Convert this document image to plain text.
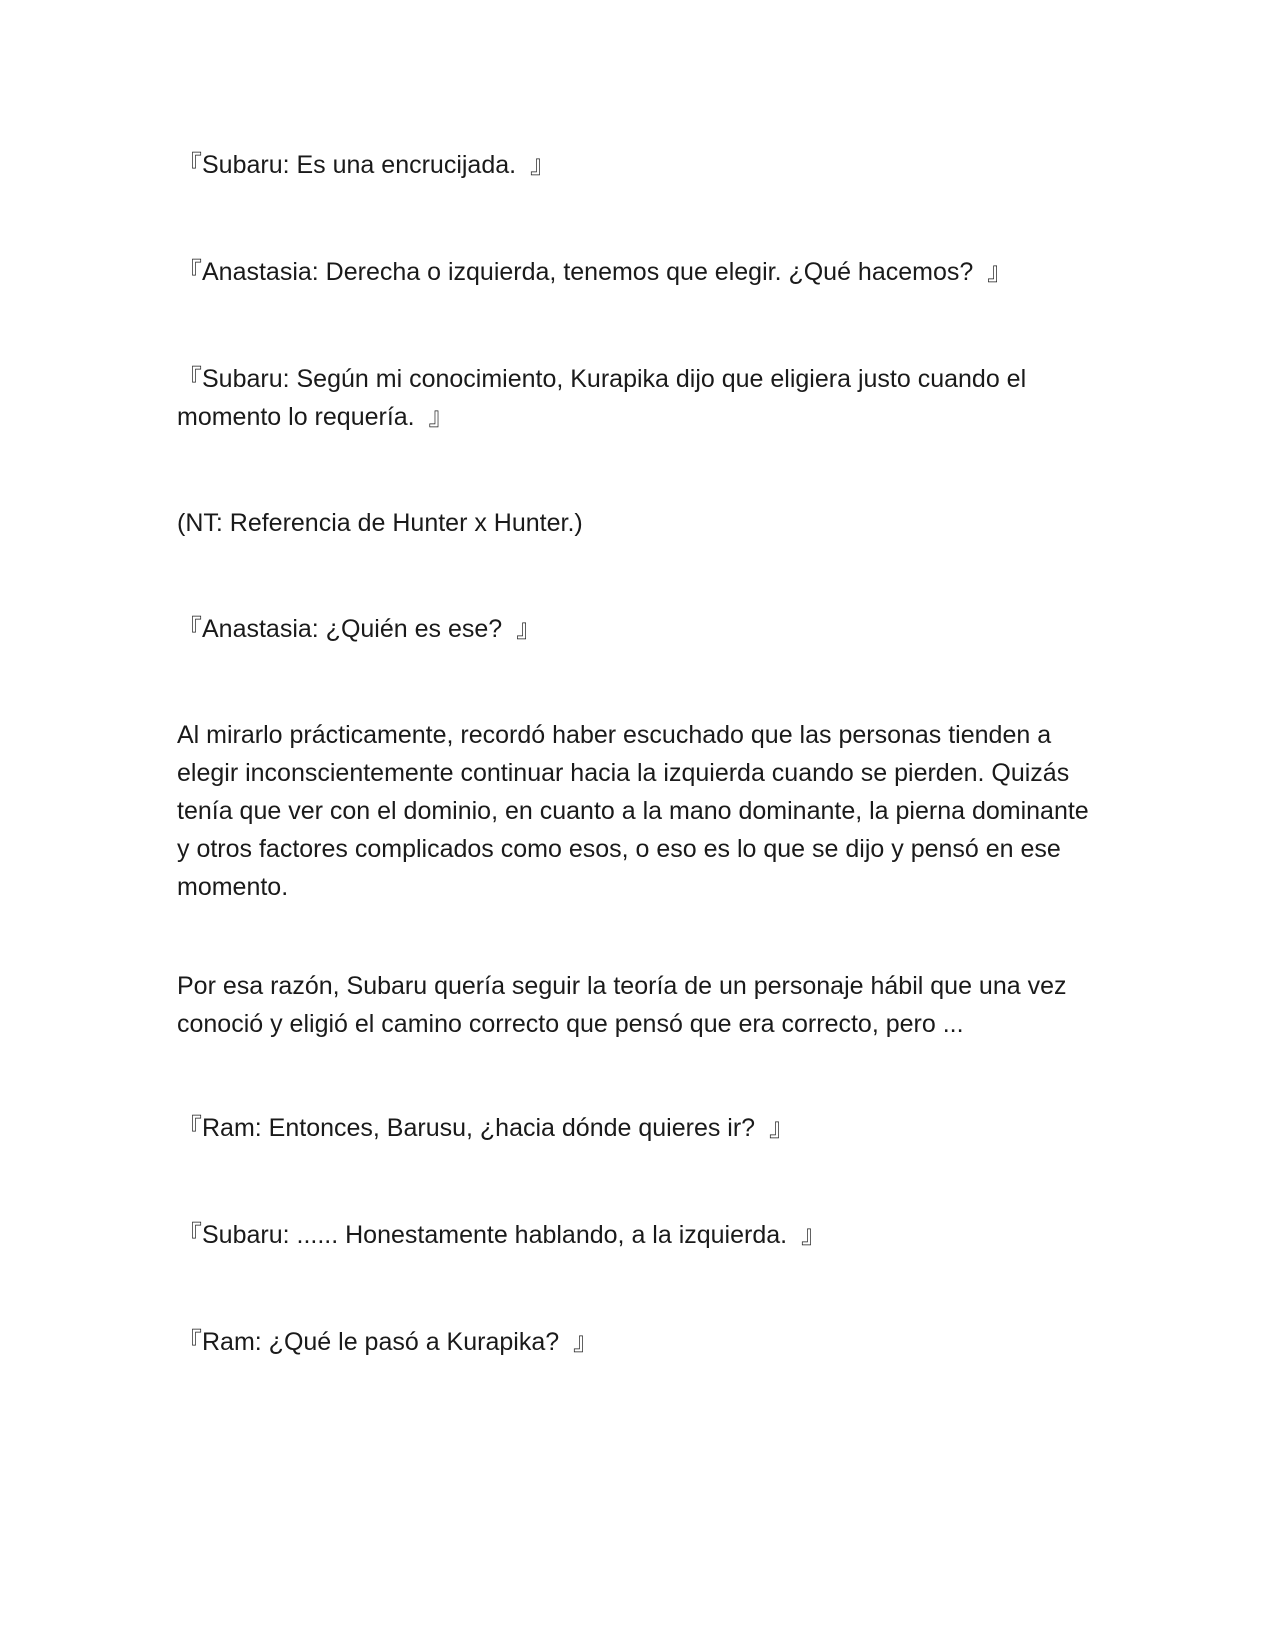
『Subaru: Es una encrucijada.  』

『Anastasia: Derecha o izquierda, tenemos que elegir. ¿Qué hacemos?  』

『Subaru: Según mi conocimiento, Kurapika dijo que eligiera justo cuando el momento lo requería.  』

(NT: Referencia de Hunter x Hunter.)

『Anastasia: ¿Quién es ese?  』

Al mirarlo prácticamente, recordó haber escuchado que las personas tienden a elegir inconscientemente continuar hacia la izquierda cuando se pierden. Quizás tenía que ver con el dominio, en cuanto a la mano dominante, la pierna dominante y otros factores complicados como esos, o eso es lo que se dijo y pensó en ese momento.

Por esa razón, Subaru quería seguir la teoría de un personaje hábil que una vez conoció y eligió el camino correcto que pensó que era correcto, pero ...

『Ram: Entonces, Barusu, ¿hacia dónde quieres ir?  』

『Subaru: ...... Honestamente hablando, a la izquierda.  』

『Ram: ¿Qué le pasó a Kurapika?  』
